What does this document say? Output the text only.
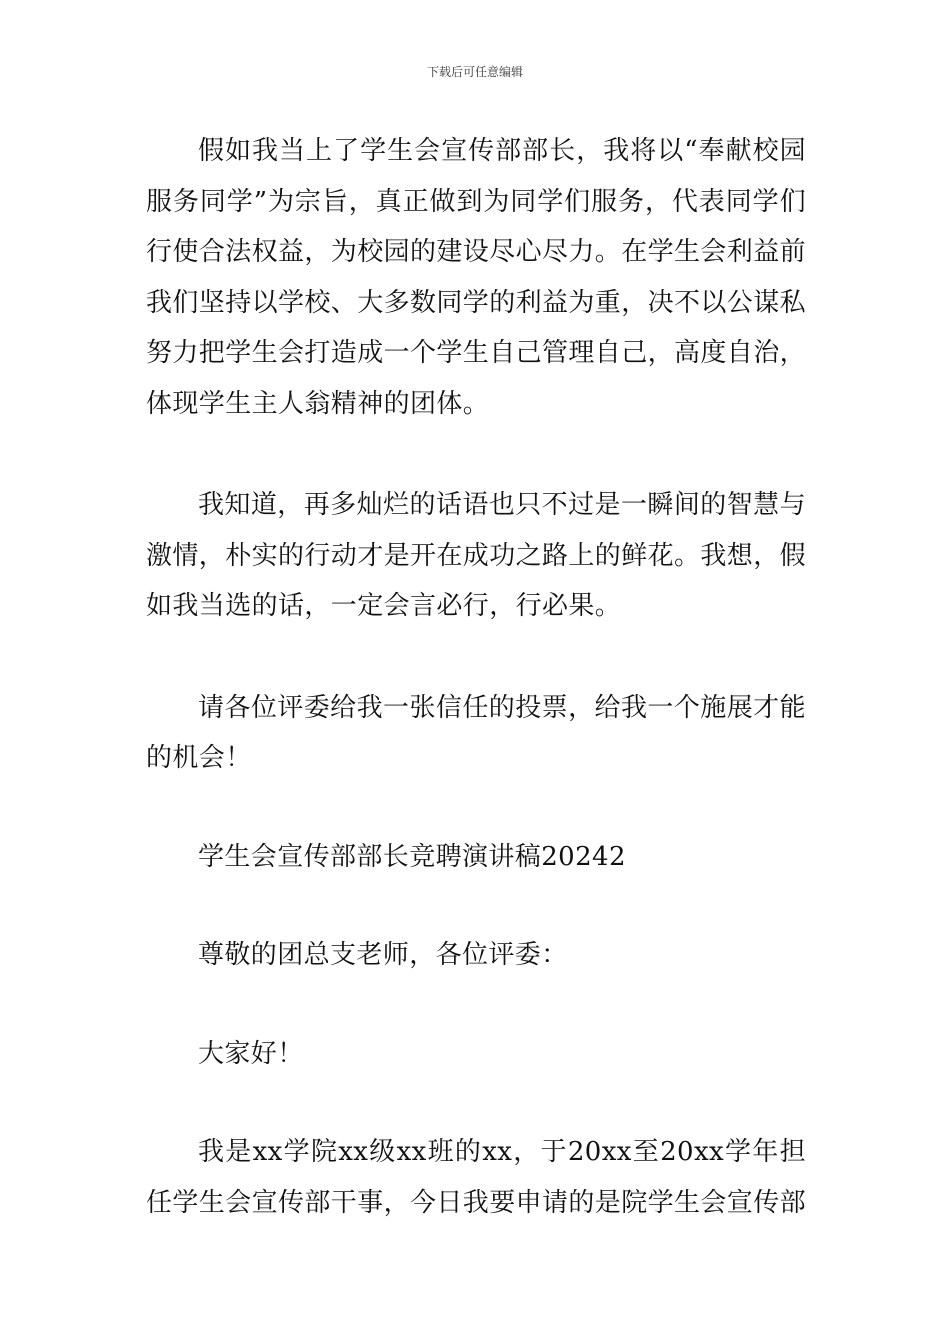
下载后可任意编辑

假如我当上了学生会宣传部部长，我将以“奉献校园服务同学”为宗旨，真正做到为同学们服务，代表同学们行使合法权益，为校园的建设尽心尽力。在学生会利益前我们坚持以学校、大多数同学的利益为重，决不以公谋私努力把学生会打造成一个学生自己管理自己，高度自治，体现学生主人翁精神的团体。

我知道，再多灿烂的话语也只不过是一瞬间的智慧与激情，朴实的行动才是开在成功之路上的鲜花。我想，假如我当选的话，一定会言必行，行必果。

请各位评委给我一张信任的投票，给我一个施展才能的机会！

学生会宣传部部长竞聘演讲稿20242

尊敬的团总支老师，各位评委：

大家好！

我是xx学院xx级xx班的xx，于20xx至20xx学年担任学生会宣传部干事，今日我要申请的是院学生会宣传部
